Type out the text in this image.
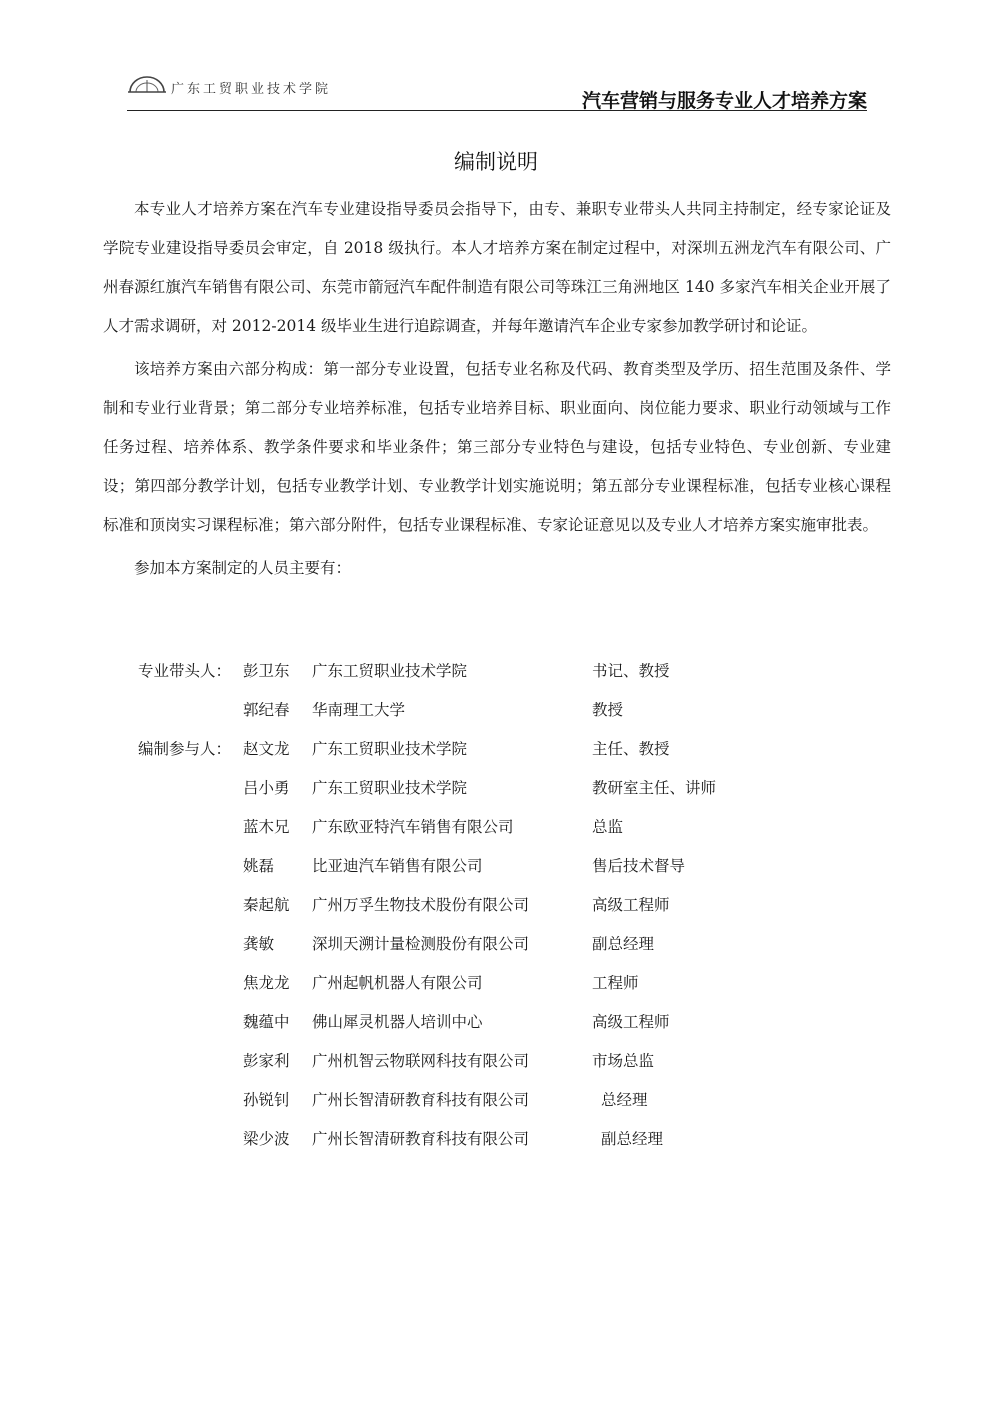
广东工贸职业技术学院
汽车营销与服务专业人才培养方案
编制说明

本专业人才培养方案在汽车专业建设指导委员会指导下，由专、兼职专业带头人共同主持制定，经专家论证及学院专业建设指导委员会审定，自 2018 级执行。本人才培养方案在制定过程中，对深圳五洲龙汽车有限公司、广州春源红旗汽车销售有限公司、东莞市箭冠汽车配件制造有限公司等珠江三角洲地区 140 多家汽车相关企业开展了人才需求调研，对 2012-2014 级毕业生进行追踪调查，并每年邀请汽车企业专家参加教学研讨和论证。

该培养方案由六部分构成：第一部分专业设置，包括专业名称及代码、教育类型及学历、招生范围及条件、学制和专业行业背景；第二部分专业培养标准，包括专业培养目标、职业面向、岗位能力要求、职业行动领域与工作任务过程、培养体系、教学条件要求和毕业条件；第三部分专业特色与建设，包括专业特色、专业创新、专业建设；第四部分教学计划，包括专业教学计划、专业教学计划实施说明；第五部分专业课程标准，包括专业核心课程标准和顶岗实习课程标准；第六部分附件，包括专业课程标准、专家论证意见以及专业人才培养方案实施审批表。

参加本方案制定的人员主要有：

专业带头人： 彭卫东 广东工贸职业技术学院	书记、教授
郭纪春 华南理工大学	教授
编制参与人： 赵文龙 广东工贸职业技术学院	主任、教授
吕小勇 广东工贸职业技术学院	教研室主任、讲师
蓝木兄 广东欧亚特汽车销售有限公司	总监
姚磊 比亚迪汽车销售有限公司	售后技术督导
秦起航 广州万孚生物技术股份有限公司	高级工程师
龚敏 深圳天溯计量检测股份有限公司	副总经理
焦龙龙 广州起帆机器人有限公司	工程师
魏蕴中 佛山犀灵机器人培训中心	高级工程师
彭家利 广州机智云物联网科技有限公司	市场总监
孙锐钊 广州长智清研教育科技有限公司	总经理
梁少波 广州长智清研教育科技有限公司	副总经理
